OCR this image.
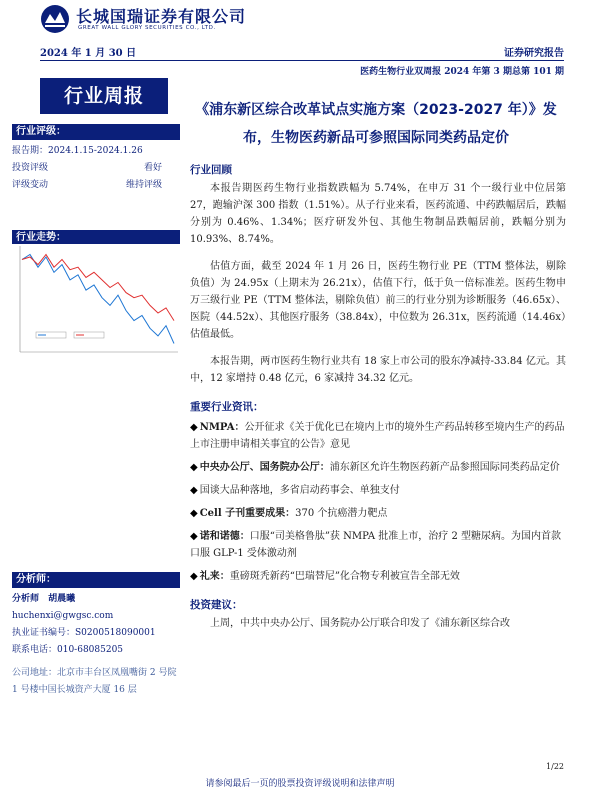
长城国瑞证券有限公司
GREAT WALL GLORY SECURITIES CO., LTD.
2024 年 1 月 30 日	证券研究报告
医药生物行业双周报 2024 年第 3 期总第 101 期
行业周报
《浦东新区综合改革试点实施方案（2023-2027 年）》发
布，生物医药新品可参照国际同类药品定价
行业评级：
报告期： 2024.1.15-2024.1.26
投资评级	看好
评级变动	维持评级
行业走势：
分析师：
分析师 胡晨曦
huchenxi@gwgsc.com
执业证书编号：S0200518090001
联系电话：010-68085205
公司地址：北京市丰台区凤凰嘴街 2 号院 1 号楼中国长城资产大厦 16 层
行业回顾
本报告期医药生物行业指数跌幅为 5.74%，在申万 31 个一级行业中位居第 27，跑输沪深 300 指数（1.51%）。从子行业来看，医药流通、中药跌幅居后，跌幅分别为 0.46%、1.34%；医疗研发外包、其他生物制品跌幅居前，跌幅分别为 10.93%、8.74%。
估值方面，截至 2024 年 1 月 26 日，医药生物行业 PE（TTM 整体法，剔除负值）为 24.95x（上期末为 26.21x），估值下行，低于负一倍标准差。医药生物申万三级行业 PE（TTM 整体法，剔除负值）前三的行业分别为诊断服务（46.65x）、医院（44.52x）、其他医疗服务（38.84x），中位数为 26.31x，医药流通（14.46x）估值最低。
本报告期，两市医药生物行业共有 18 家上市公司的股东净减持-33.84 亿元。其中，12 家增持 0.48 亿元，6 家减持 34.32 亿元。
重要行业资讯：
◆ NMPA：公开征求《关于优化已在境内上市的境外生产药品转移至境内生产的药品上市注册申请相关事宜的公告》意见
◆ 中央办公厅、国务院办公厅：浦东新区允许生物医药新产品参照国际同类药品定价
◆ 国谈大品种落地，多省启动药事会、单独支付
◆ Cell 子刊重要成果：370 个抗癌潜力靶点
◆ 诺和诺德：口服“司美格鲁肽”获 NMPA 批准上市，治疗 2 型糖尿病。为国内首款口服 GLP-1 受体激动剂
◆ 礼来：重磅斑秃新药“巴瑞替尼”化合物专利被宣告全部无效
投资建议：
上周，中共中央办公厅、国务院办公厅联合印发了《浦东新区综合改
1/22
请参阅最后一页的股票投资评级说明和法律声明
